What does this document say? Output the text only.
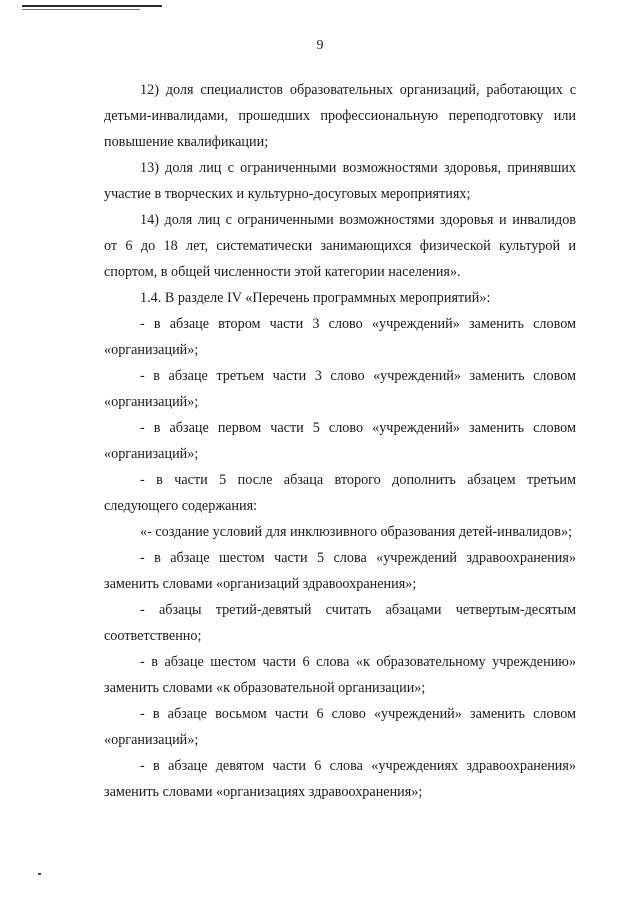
9

12) доля специалистов образовательных организаций, работающих с детьми-инвалидами, прошедших профессиональную переподготовку или повышение квалификации;

13) доля лиц с ограниченными возможностями здоровья, принявших участие в творческих и культурно-досуговых мероприятиях;

14) доля лиц с ограниченными возможностями здоровья и инвалидов от 6 до 18 лет, систематически занимающихся физической культурой и спортом, в общей численности этой категории населения».

1.4. В разделе IV «Перечень программных мероприятий»:

- в абзаце втором части 3 слово «учреждений» заменить словом «организаций»;

- в абзаце третьем части 3 слово «учреждений» заменить словом «организаций»;

- в абзаце первом части 5 слово «учреждений» заменить словом «организаций»;

- в части 5 после абзаца второго дополнить абзацем третьим следующего содержания:

«- создание условий для инклюзивного образования детей-инвалидов»;

- в абзаце шестом части 5 слова «учреждений здравоохранения» заменить словами «организаций здравоохранения»;

- абзацы третий-девятый считать абзацами четвертым-десятым соответственно;

- в абзаце шестом части 6 слова «к образовательному учреждению» заменить словами «к образовательной организации»;

- в абзаце восьмом части 6 слово «учреждений» заменить словом «организаций»;

- в абзаце девятом части 6 слова «учреждениях здравоохранения» заменить словами «организациях здравоохранения»;
